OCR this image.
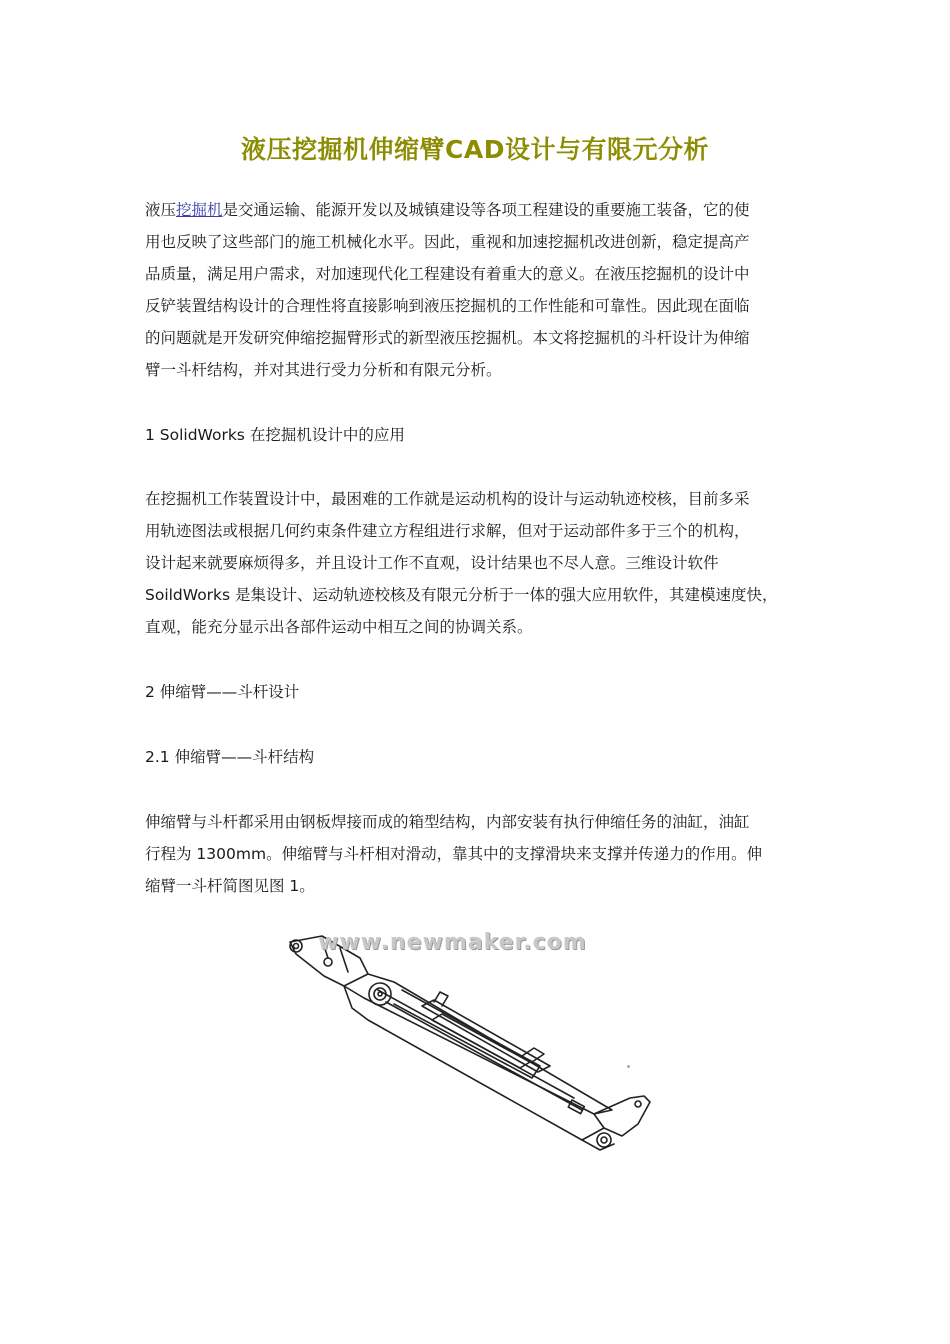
液压挖掘机伸缩臂CAD设计与有限元分析
液压挖掘机是交通运输、能源开发以及城镇建设等各项工程建设的重要施工装备，它的使
用也反映了这些部门的施工机械化水平。因此，重视和加速挖掘机改进创新，稳定提高产
品质量，满足用户需求，对加速现代化工程建设有着重大的意义。在液压挖掘机的设计中
反铲装置结构设计的合理性将直接影响到液压挖掘机的工作性能和可靠性。因此现在面临
的问题就是开发研究伸缩挖掘臂形式的新型液压挖掘机。本文将挖掘机的斗杆设计为伸缩
臂一斗杆结构，并对其进行受力分析和有限元分析。
1 SolidWorks 在挖掘机设计中的应用
在挖掘机工作装置设计中，最困难的工作就是运动机构的设计与运动轨迹校核，目前多采
用轨迹图法或根据几何约束条件建立方程组进行求解，但对于运动部件多于三个的机构，
设计起来就要麻烦得多，并且设计工作不直观，设计结果也不尽人意。三维设计软件
SoildWorks 是集设计、运动轨迹校核及有限元分析于一体的强大应用软件，其建模速度快，
直观，能充分显示出各部件运动中相互之间的协调关系。
2 伸缩臂——斗杆设计
2.1 伸缩臂——斗杆结构
伸缩臂与斗杆都采用由钢板焊接而成的箱型结构，内部安装有执行伸缩任务的油缸，油缸
行程为 1300mm。伸缩臂与斗杆相对滑动，靠其中的支撑滑块来支撑并传递力的作用。伸
缩臂一斗杆简图见图 1。
www.newmaker.com
